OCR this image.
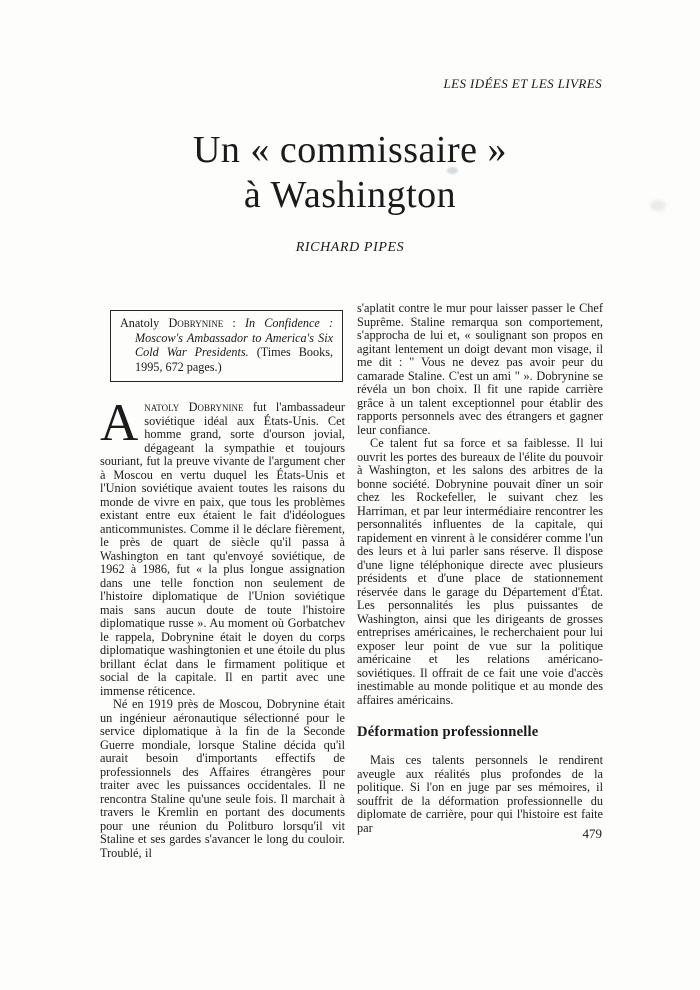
LES IDÉES ET LES LIVRES
Un « commissaire »
à Washington
RICHARD PIPES

Anatoly Dobrynine : In Confidence : Moscow's Ambassador to America's Six Cold War Presidents. (Times Books, 1995, 672 pages.)

Anatoly Dobrynine fut l'ambassadeur soviétique idéal aux États-Unis. Cet homme grand, sorte d'ourson jovial, dégageant la sympathie et toujours souriant, fut la preuve vivante de l'argument cher à Moscou en vertu duquel les États-Unis et l'Union soviétique avaient toutes les raisons du monde de vivre en paix, que tous les problèmes existant entre eux étaient le fait d'idéologues anticommunistes. Comme il le déclare fièrement, le près de quart de siècle qu'il passa à Washington en tant qu'envoyé soviétique, de 1962 à 1986, fut « la plus longue assignation dans une telle fonction non seulement de l'histoire diplomatique de l'Union soviétique mais sans aucun doute de toute l'histoire diplomatique russe ». Au moment où Gorbatchev le rappela, Dobrynine était le doyen du corps diplomatique washingtonien et une étoile du plus brillant éclat dans le firmament politique et social de la capitale. Il en partit avec une immense réticence.

Né en 1919 près de Moscou, Dobrynine était un ingénieur aéronautique sélectionné pour le service diplomatique à la fin de la Seconde Guerre mondiale, lorsque Staline décida qu'il aurait besoin d'importants effectifs de professionnels des Affaires étrangères pour traiter avec les puissances occidentales. Il ne rencontra Staline qu'une seule fois. Il marchait à travers le Kremlin en portant des documents pour une réunion du Politburo lorsqu'il vit Staline et ses gardes s'avancer le long du couloir. Troublé, il

s'aplatit contre le mur pour laisser passer le Chef Suprême. Staline remarqua son comportement, s'approcha de lui et, « soulignant son propos en agitant lentement un doigt devant mon visage, il me dit : " Vous ne devez pas avoir peur du camarade Staline. C'est un ami " ». Dobrynine se révéla un bon choix. Il fit une rapide carrière grâce à un talent exceptionnel pour établir des rapports personnels avec des étrangers et gagner leur confiance.

Ce talent fut sa force et sa faiblesse. Il lui ouvrit les portes des bureaux de l'élite du pouvoir à Washington, et les salons des arbitres de la bonne société. Dobrynine pouvait dîner un soir chez les Rockefeller, le suivant chez les Harriman, et par leur intermédiaire rencontrer les personnalités influentes de la capitale, qui rapidement en vinrent à le considérer comme l'un des leurs et à lui parler sans réserve. Il dispose d'une ligne téléphonique directe avec plusieurs présidents et d'une place de stationnement réservée dans le garage du Département d'État. Les personnalités les plus puissantes de Washington, ainsi que les dirigeants de grosses entreprises américaines, le recherchaient pour lui exposer leur point de vue sur la politique américaine et les relations américano-soviétiques. Il offrait de ce fait une voie d'accès inestimable au monde politique et au monde des affaires américains.

Déformation professionnelle

Mais ces talents personnels le rendirent aveugle aux réalités plus profondes de la politique. Si l'on en juge par ses mémoires, il souffrit de la déformation professionnelle du diplomate de carrière, pour qui l'histoire est faite par	479
